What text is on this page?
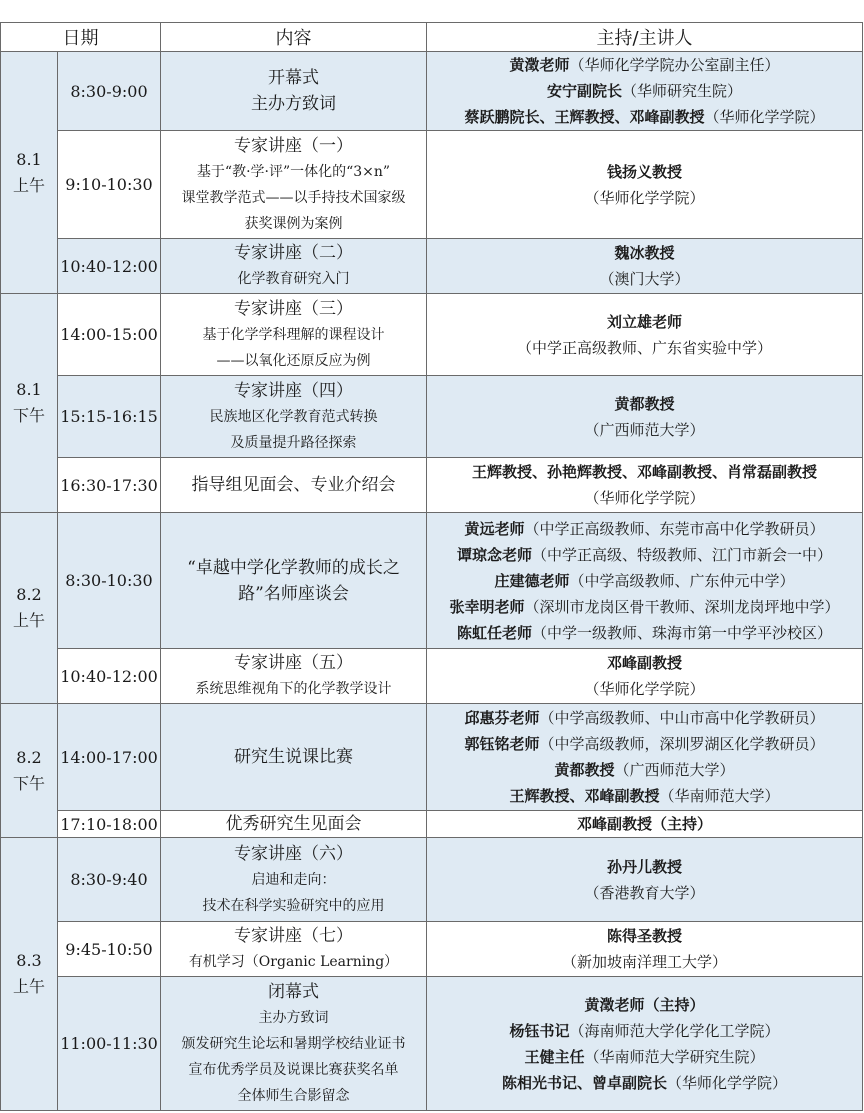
日期		内容	主持/主讲人

8.1
上午	8:30-9:00	开幕式
主办方致词	黄澂老师（华师化学学院办公室副主任）
安宁副院长（华师研究生院）
蔡跃鹏院长、王辉教授、邓峰副教授（华师化学学院）

	9:10-10:30	专家讲座（一）
基于“教·学·评”一体化的“3×n”
课堂教学范式——以手持技术国家级
获奖课例为案例	钱扬义教授
（华师化学学院）

	10:40-12:00	专家讲座（二）
化学教育研究入门	魏冰教授
（澳门大学）

8.1
下午	14:00-15:00	专家讲座（三）
基于化学学科理解的课程设计
——以氧化还原反应为例	刘立雄老师
（中学正高级教师、广东省实验中学）

	15:15-16:15	专家讲座（四）
民族地区化学教育范式转换
及质量提升路径探索	黄都教授
（广西师范大学）

	16:30-17:30	指导组见面会、专业介绍会	王辉教授、孙艳辉教授、邓峰副教授、肖常磊副教授
（华师化学学院）

8.2
上午	8:30-10:30	“卓越中学化学教师的成长之
路”名师座谈会	黄远老师（中学正高级教师、东莞市高中化学教研员）
谭琼念老师（中学正高级、特级教师、江门市新会一中）
庄建德老师（中学高级教师、广东仲元中学）
张幸明老师（深圳市龙岗区骨干教师、深圳龙岗坪地中学）
陈虹任老师（中学一级教师、珠海市第一中学平沙校区）

	10:40-12:00	专家讲座（五）
系统思维视角下的化学教学设计	邓峰副教授
（华师化学学院）

8.2
下午	14:00-17:00	研究生说课比赛	邱惠芬老师（中学高级教师、中山市高中化学教研员）
郭钰铭老师（中学高级教师，深圳罗湖区化学教研员）
黄都教授（广西师范大学）
王辉教授、邓峰副教授（华南师范大学）

	17:10-18:00	优秀研究生见面会	邓峰副教授（主持）

8.3
上午	8:30-9:40	专家讲座（六）
启迪和走向：
技术在科学实验研究中的应用	孙丹儿教授
（香港教育大学）

	9:45-10:50	专家讲座（七）
有机学习（Organic Learning）	陈得圣教授
（新加坡南洋理工大学）

	11:00-11:30	闭幕式
主办方致词
颁发研究生论坛和暑期学校结业证书
宣布优秀学员及说课比赛获奖名单
全体师生合影留念	黄澂老师（主持）
杨钰书记（海南师范大学化学化工学院）
王健主任（华南师范大学研究生院）
陈相光书记、曾卓副院长（华师化学学院）
